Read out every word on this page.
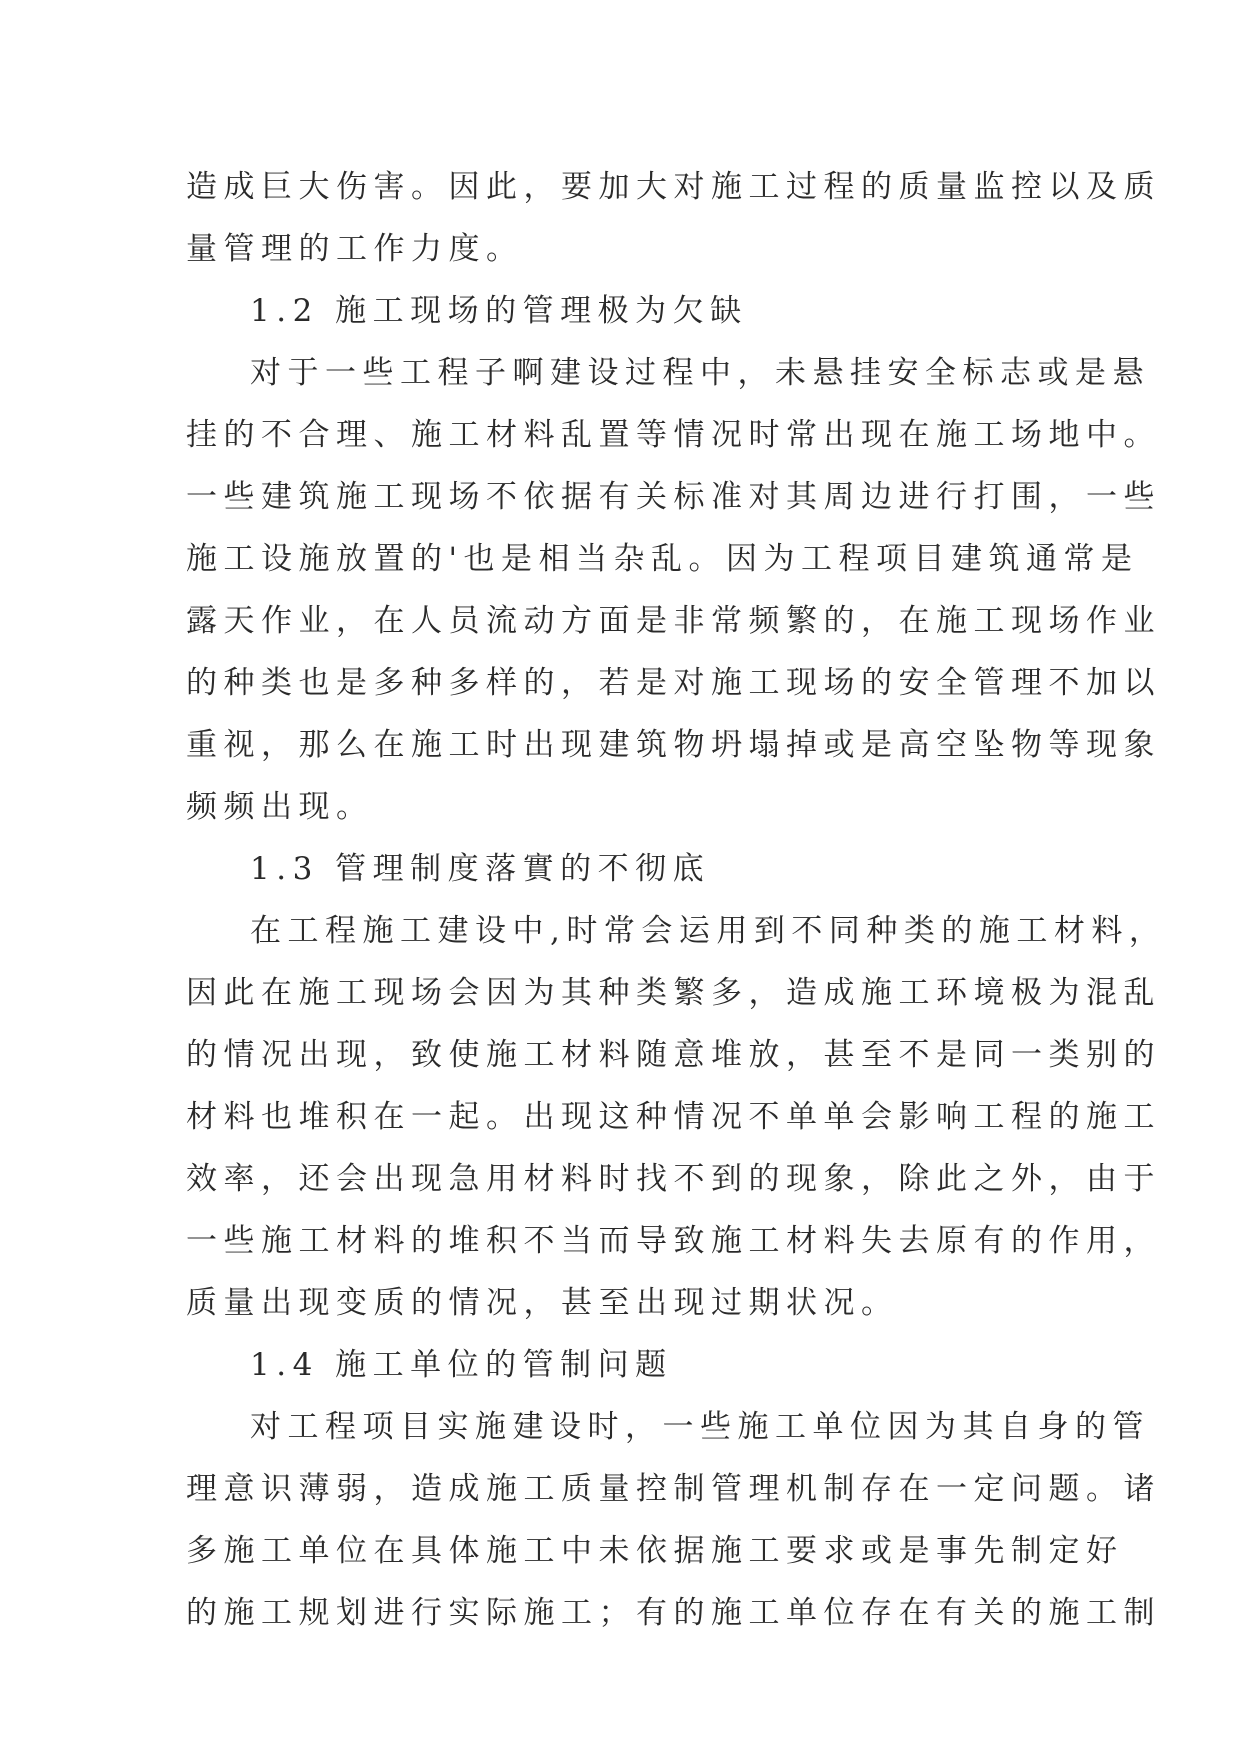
造成巨大伤害。因此，要加大对施工过程的质量监控以及质
量管理的工作力度。
1.2 施工现场的管理极为欠缺
对于一些工程子啊建设过程中，未悬挂安全标志或是悬
挂的不合理、施工材料乱置等情况时常出现在施工场地中。
一些建筑施工现场不依据有关标准对其周边进行打围，一些
施工设施放置的'也是相当杂乱。因为工程项目建筑通常是
露天作业，在人员流动方面是非常频繁的，在施工现场作业
的种类也是多种多样的，若是对施工现场的安全管理不加以
重视，那么在施工时出现建筑物坍塌掉或是高空坠物等现象
频频出现。
1.3 管理制度落實的不彻底
在工程施工建设中,时常会运用到不同种类的施工材料，
因此在施工现场会因为其种类繁多，造成施工环境极为混乱
的情况出现，致使施工材料随意堆放，甚至不是同一类别的
材料也堆积在一起。出现这种情况不单单会影响工程的施工
效率，还会出现急用材料时找不到的现象，除此之外，由于
一些施工材料的堆积不当而导致施工材料失去原有的作用，
质量出现变质的情况，甚至出现过期状况。
1.4 施工单位的管制问题
对工程项目实施建设时，一些施工单位因为其自身的管
理意识薄弱，造成施工质量控制管理机制存在一定问题。诸
多施工单位在具体施工中未依据施工要求或是事先制定好
的施工规划进行实际施工；有的施工单位存在有关的施工制
